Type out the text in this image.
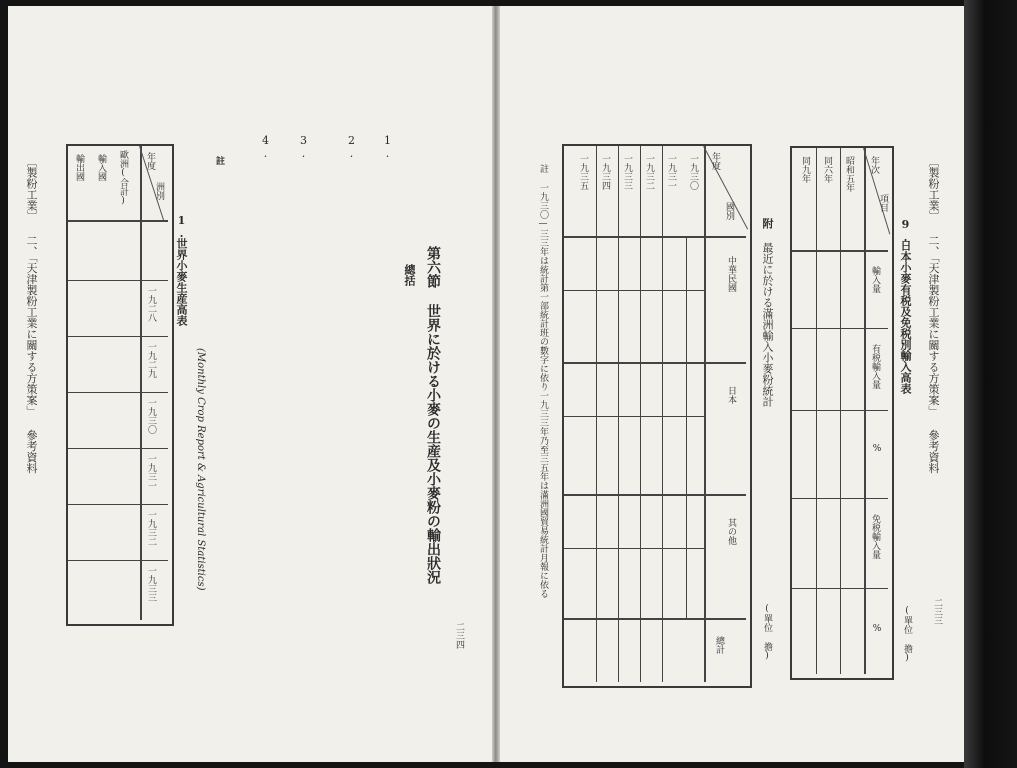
〔製粉工業〕 二、「天津製粉工業に關する方策案」 參考資料	年度
洲別
歐洲(合計)
輸入國
輸出國
一九二八
一九二九
一九三〇
一九三一
一九三二
一九三三
1.
世界小麥生産高表
(Monthly Crop Report & Agricultural Statistics)
註
4. 3.	2. 1.
第六節 世界に於ける小麥の生産及小麥粉の輸出狀況
總括
二三四
註 一九三〇—三三年は統計第一部統計班の數字に依り一九三三年乃至三五年は滿洲國貿易統計月報に依る
年度
國別
一九三〇
一九三一
一九三二
一九三三
一九三四
一九三五
中華民國
日本
其の他
總計
附
最近に於ける滿洲輸入小麥粉統計
(單位 擔)
年次
項目
昭和五年
同六年
同九年
輸入量
有税輸入量
%
免税輸入量
%
9.
日本小麥有税及免税別輸入高表
(單位 擔)
〔製粉工業〕 二、「天津製粉工業に關する方策案」 參考資料
二三三
